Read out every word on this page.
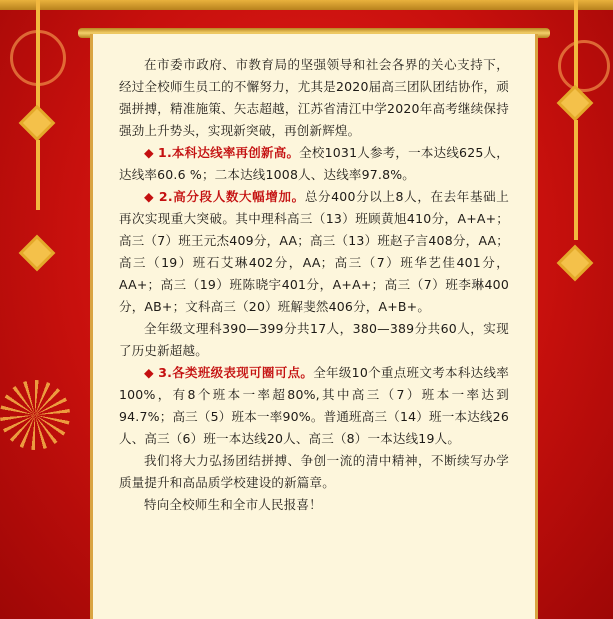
在市委市政府、市教育局的坚强领导和社会各界的关心支持下，经过全校师生员工的不懈努力，尤其是2020届高三团队团结协作，顽强拼搏，精准施策、矢志超越，江苏省清江中学2020年高考继续保持强劲上升势头，实现新突破，再创新辉煌。

◆ 1.本科达线率再创新高。全校1031人参考，一本达线625人，达线率60.6 %；二本达线1008人、达线率97.8%。

◆ 2.高分段人数大幅增加。总分400分以上8人，在去年基础上再次实现重大突破。其中理科高三（13）班顾黄旭410分，A+A+；高三（7）班王元杰409分，AA；高三（13）班赵子言408分，AA；高三（19）班石艾琳402分，AA；高三（7）班华艺佳401分，AA+；高三（19）班陈晓宇401分，A+A+；高三（7）班李琳400分，AB+；文科高三（20）班解斐然406分，A+B+。

全年级文理科390—399分共17人，380—389分共60人，实现了历史新超越。

◆ 3.各类班级表现可圈可点。全年级10个重点班文考本科达线率100%，有8个班本一率超80%,其中高三（7）班本一率达到94.7%；高三（5）班本一率90%。普通班高三（14）班一本达线26人、高三（6）班一本达线20人、高三（8）一本达线19人。

我们将大力弘扬团结拼搏、争创一流的清中精神，不断续写办学质量提升和高品质学校建设的新篇章。

特向全校师生和全市人民报喜！
